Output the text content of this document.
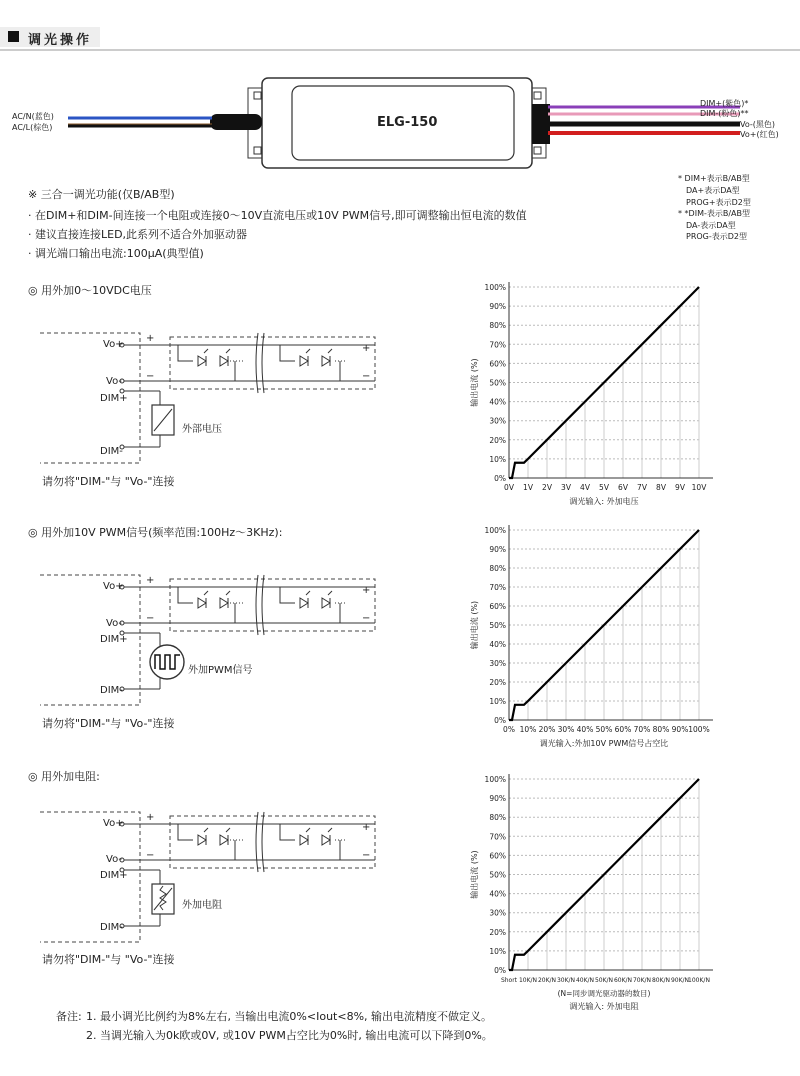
+
−
+
−
+
−
+
−
+
−
+
−
调光操作
ELG-150
AC/N(蓝色)
AC/L(棕色)
DIM+(紫色)*
DIM-(粉色)**
Vo-(黑色)
Vo+(红色)
※ 三合一调光功能(仅B/AB型)
· 在DIM+和DIM-间连接一个电阻或连接0～10V直流电压或10V PWM信号,即可调整输出恒电流的数值
· 建议直接连接LED,此系列不适合外加驱动器
· 调光端口输出电流:100μA(典型值)
* DIM+表示B/AB型
DA+表示DA型
PROG+表示D2型
* *DIM-表示B/AB型
DA-表示DA型
PROG-表示D2型
◎ 用外加0～10VDC电压
Vo+
Vo-
DIM+
DIM-
外部电压
请勿将"DIM-"与 "Vo-"连接
◎ 用外加10V PWM信号(频率范围:100Hz～3KHz):
Vo+
Vo-
DIM+
DIM-
外加PWM信号
请勿将"DIM-"与 "Vo-"连接
◎ 用外加电阻:
Vo+
Vo-
DIM+
DIM-
外加电阻
请勿将"DIM-"与 "Vo-"连接
0%
10%
20%
30%
40%
50%
60%
70%
80%
90%
100%
0V 1V 2V 3V 4V 5V 6V 7V 8V 9V 10V
输出电流 (%)
调光输入: 外加电压
0%
10%
20%
30%
40%
50%
60%
70%
80%
90%
100%
0% 10% 20% 30% 40% 50% 60% 70% 80% 90% 100%
输出电流 (%)
调光输入:外加10V PWM信号占空比
0%
10%
20%
30%
40%
50%
60%
70%
80%
90%
100%
Short 10K/N 20K/N 30K/N 40K/N 50K/N 60K/N 70K/N 80K/N 90K/N 100K/N
输出电流 (%)
(N=同步调光驱动器的数目)
调光输入: 外加电阻
备注: 1. 最小调光比例约为8%左右, 当输出电流0%<Iout<8%, 输出电流精度不做定义。
2. 当调光输入为0k欧或0V, 或10V PWM占空比为0%时, 输出电流可以下降到0%。
